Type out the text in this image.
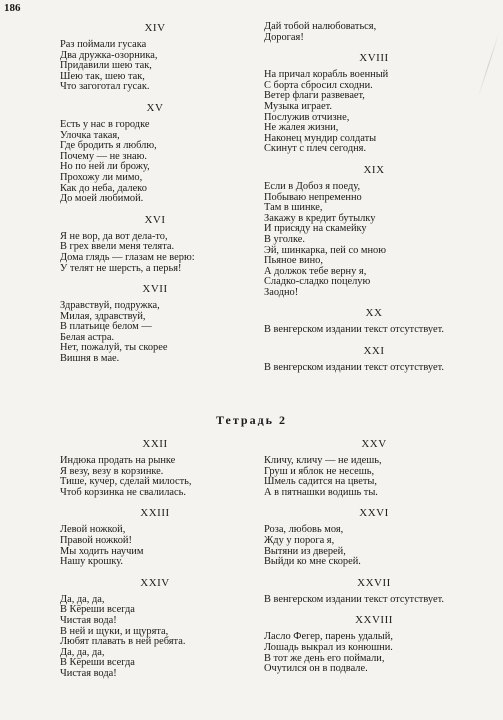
186
XIV
Раз поймали гусака
Два дружка-озорника,
Придавили шею так,
Шею так, шею так,
Что загоготал гусак.
XV
Есть у нас в городке
Улочка такая,
Где бродить я люблю,
Почему — не знаю.
Но по ней ли брожу,
Прохожу ли мимо,
Как до неба, далеко
До моей любимой.
XVI
Я не вор, да вот дела-то,
В грех ввели меня телята.
Дома глядь — глазам не верю:
У телят не шерсть, а перья!
XVII
Здравствуй, подружка,
Милая, здравствуй,
В платьице белом —
Белая астра.
Нет, пожалуй, ты скорее
Вишня в мае.
Дай тобой налюбоваться,
Дорогая!
XVIII
На причал корабль военный
С борта сбросил сходни.
Ветер флаги развевает,
Музыка играет.
Послужив отчизне,
Не жалея жизни,
Наконец мундир солдаты
Скинут с плеч сегодня.
XIX
Если в Добоз я поеду,
Побываю непременно
Там в шинке,
Закажу в кредит бутылку
И присяду на скамейку
В уголке.
Эй, шинкарка, пей со мною
Пьяное вино,
А должок тебе верну я,
Сладко-сладко поцелую
Заодно!
XX
В венгерском издании текст отсутствует.
XXI
В венгерском издании текст отсутствует.
Тетрадь 2
XXII
Индюка продать на рынке
Я везу, везу в корзинке.
Тише, кучер, сделай милость,
Чтоб корзинка не свалилась.
XXIII
Левой ножкой,
Правой ножкой!
Мы ходить научим
Нашу крошку.
XXIV
Да, да, да,
В Кёреши всегда
Чистая вода!
В ней и щуки, и щурята,
Любят плавать в ней ребята.
Да, да, да,
В Кёреши всегда
Чистая вода!
XXV
Кличу, кличу — не идешь,
Груш и яблок не несешь,
Шмель садится на цветы,
А в пятнашки водишь ты.
XXVI
Роза, любовь моя,
Жду у порога я,
Вытяни из дверей,
Выйди ко мне скорей.
XXVII
В венгерском издании текст отсутствует.
XXVIII
Ласло Фегер, парень удалый,
Лошадь выкрал из конюшни.
В тот же день его поймали,
Очутился он в подвале.
